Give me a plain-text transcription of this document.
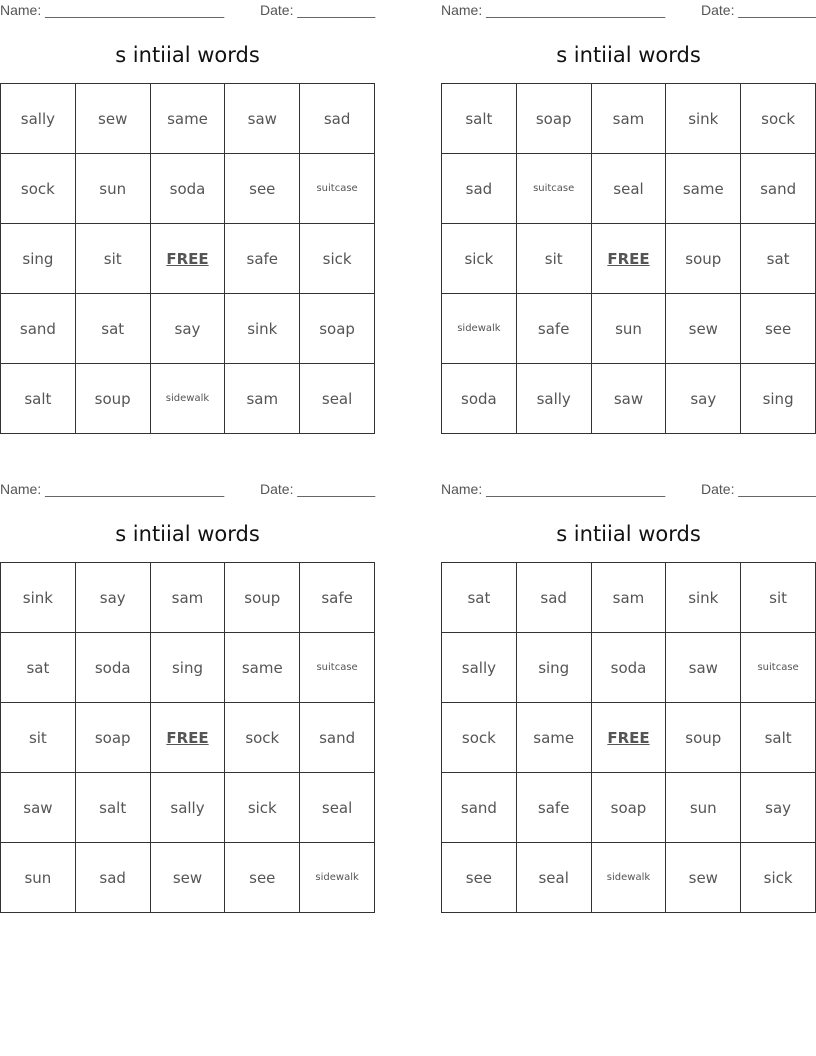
Name: _______________________	Date: __________
s intiial words
sally	sew	same	saw	sad
sock	sun	soda	see	suitcase
sing	sit	FREE	safe	sick
sand	sat	say	sink	soap
salt	soup	sidewalk	sam	seal
Name: _______________________	Date: __________
s intiial words
salt	soap	sam	sink	sock
sad	suitcase	seal	same	sand
sick	sit	FREE	soup	sat
sidewalk	safe	sun	sew	see
soda	sally	saw	say	sing
Name: _______________________	Date: __________
s intiial words
sink	say	sam	soup	safe
sat	soda	sing	same	suitcase
sit	soap	FREE	sock	sand
saw	salt	sally	sick	seal
sun	sad	sew	see	sidewalk
Name: _______________________	Date: __________
s intiial words
sat	sad	sam	sink	sit
sally	sing	soda	saw	suitcase
sock	same	FREE	soup	salt
sand	safe	soap	sun	say
see	seal	sidewalk	sew	sick
